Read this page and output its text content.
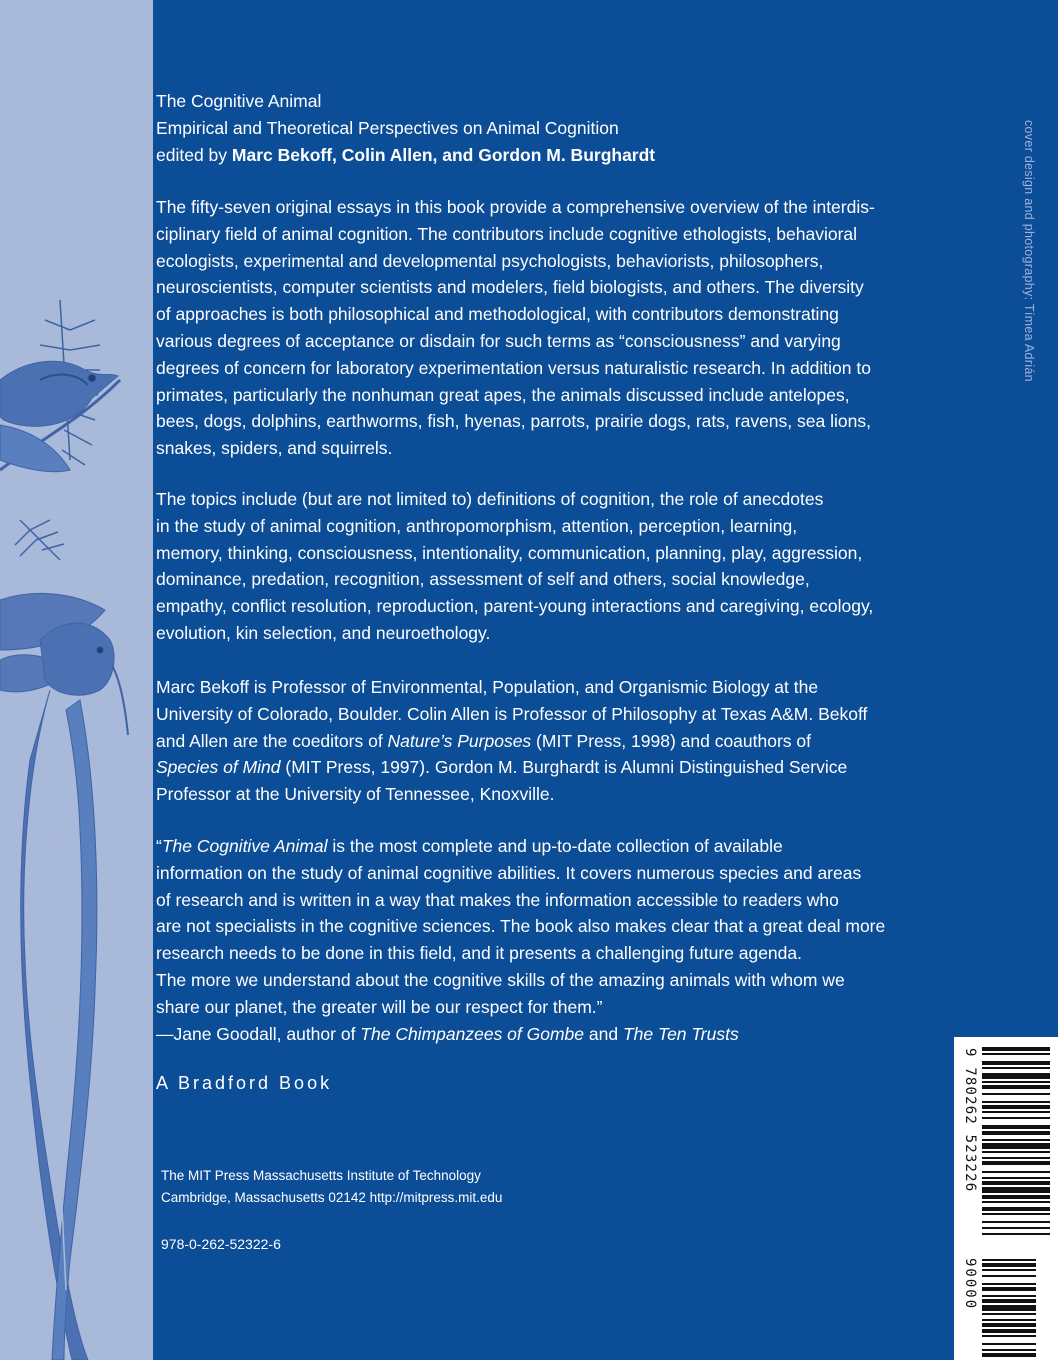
The Cognitive Animal
Empirical and Theoretical Perspectives on Animal Cognition
edited by Marc Bekoff, Colin Allen, and Gordon M. Burghardt

The fifty-seven original essays in this book provide a comprehensive overview of the interdis-
ciplinary field of animal cognition. The contributors include cognitive ethologists, behavioral
ecologists, experimental and developmental psychologists, behaviorists, philosophers,
neuroscientists, computer scientists and modelers, field biologists, and others. The diversity
of approaches is both philosophical and methodological, with contributors demonstrating
various degrees of acceptance or disdain for such terms as “consciousness” and varying
degrees of concern for laboratory experimentation versus naturalistic research. In addition to
primates, particularly the nonhuman great apes, the animals discussed include antelopes,
bees, dogs, dolphins, earthworms, fish, hyenas, parrots, prairie dogs, rats, ravens, sea lions,
snakes, spiders, and squirrels.

The topics include (but are not limited to) definitions of cognition, the role of anecdotes
in the study of animal cognition, anthropomorphism, attention, perception, learning,
memory, thinking, consciousness, intentionality, communication, planning, play, aggression,
dominance, predation, recognition, assessment of self and others, social knowledge,
empathy, conflict resolution, reproduction, parent-young interactions and caregiving, ecology,
evolution, kin selection, and neuroethology.

Marc Bekoff is Professor of Environmental, Population, and Organismic Biology at the
University of Colorado, Boulder. Colin Allen is Professor of Philosophy at Texas A&M. Bekoff
and Allen are the coeditors of Nature’s Purposes (MIT Press, 1998) and coauthors of
Species of Mind (MIT Press, 1997). Gordon M. Burghardt is Alumni Distinguished Service
Professor at the University of Tennessee, Knoxville.

“The Cognitive Animal is the most complete and up-to-date collection of available
information on the study of animal cognitive abilities. It covers numerous species and areas
of research and is written in a way that makes the information accessible to readers who
are not specialists in the cognitive sciences. The book also makes clear that a great deal more
research needs to be done in this field, and it presents a challenging future agenda.
The more we understand about the cognitive skills of the amazing animals with whom we
share our planet, the greater will be our respect for them.”
—Jane Goodall, author of The Chimpanzees of Gombe and The Ten Trusts

A Bradford Book
The MIT Press Massachusetts Institute of Technology
Cambridge, Massachusetts 02142 http://mitpress.mit.edu
978-0-262-52322-6
cover design and photography: Tímea Adrián
9 780262 523226
90000
